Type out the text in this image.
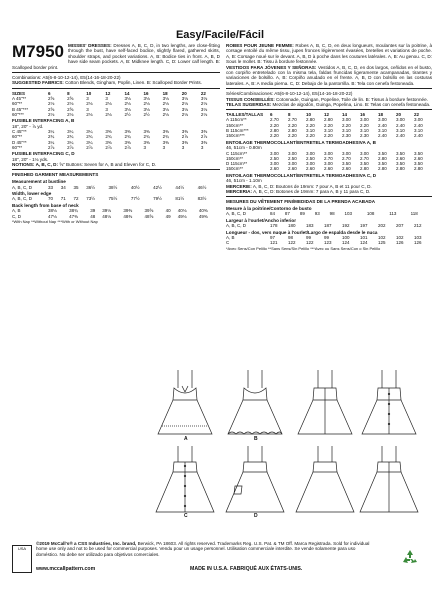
Easy/Facile/Fácil
M7950 MISSES' DRESSES: Dresses A, B, C, D, in two lengths, are close-fitting through the bust, have self-faced bodice, slightly flared, gathered skirts, shoulder straps, and pocket variations. A, B: Bodice ties in front. A, B, D have side seam pockets. A, B: Midknee length. C, D: Lower calf length. B: Scalloped border print.

Combinations: A5(6-8-10-12-14), E5(14-16-18-20-22)

SUGGESTED FABRICS: Cotton Blends, Gingham, Poplin, Linen. B: Scalloped Border Prints.

SIZES	6	8	10	12	14	16	18	20	22
A 45"**	2⅝	2⅝	3	3	3⅛	3⅛	3⅛	3⅛	3⅛
60"**	2⅛	2⅛	2⅛	2⅛	2⅛	2⅛	2⅛	2⅛	2⅛
B 45"***	2⅝	2⅝	3	3	3⅛	3⅛	3⅛	3⅛	3⅛
60"***	2⅛	2⅛	2⅛	2⅛	2½	2½	2⅛	2⅛	2⅛

FUSIBLE INTERFACING A, B

18", 20" - ⅞ yd.

C 45"**	3¼	3¼	3¼	3⅜	3⅜	3⅜	3⅜	3⅜	3⅜
60"**	2¾	2¾	2¾	2¾	2¾	2¾	2¾	2⅞	2⅞
D 45"**	3¼	3¼	3¼	3⅜	3⅜	3⅜	3⅜	3⅜	3⅜
60"**	2⅞	2⅞	2⅞	2⅞	2⅞	3	3	3	3

FUSIBLE INTERFACING C, D

18", 20" - 1⅛ yds.

NOTIONS: A, B, C, D: ⅝" Buttons: Seven for A, B and Eleven for C, D.

FINISHED GARMENT MEASUREMENTS

Measurement at bustline

A, B, C, D	33	34	35	36½	38½	40½	42½	44½	46½

Width, lower edge

A, B, C, D	70	71	72	73½	75½	77½	79½	81½	83½

Back length from base of neck

A, B	38⅛	38¾	39	39⅛	39⅜	39⅝	40	40⅛	40⅜
C, D	47⅛	47⅜	48	48⅛	48⅜	48⅝	49	49⅛	49⅜

*With Nap **Without Nap ***With or Without Nap

ROBES POUR JEUNE FEMME: Robes A, B, C, D, en deux longueurs, moulantes sur la poitrine, à corsage entoilé du même tissu, jupes fronces légèrement évasées, bretelles et variations de poche. A, B: Corsage noué sur le devant. A, B, D à poche dans les coutures latérales. A, B: Au genou. C, D: Sous le mollet. B: Tissu à bordure festonnée.

VESTIDOS PARA JÓVENES Y SEÑORAS: Vestidos A, B, C, D, en dos largos, ceñidos en el busto, con corpiño entretelado con la misma tela, faldas fruncidas ligeramente acampanadas, tirantes y variaciones de bolsillo. A, B: Corpiño anudado en el frente. A, B, D con bolsillo en las costuras laterales. A, B: A media pierna. C, D: Debajo de la pantorrilla. B: Tela con cenefa festoneada.

Séries/Combinaciones: A5(6-8-10-12-14), E5(14-16-18-20-22)

TISSUS CONSEILLÉS: Cotonnade, Guingan, Popeline, Toile de lin. B: Tissus à bordure festonnée.

TELAS SUGERIDAS: Mezclas de algodón, Guinga, Popelina, Lino. B: Telas con cenefa festoneada.

TAILLES/TALLAS	6	8	10	12	14	16	18	20	22
A 115cm**	2.70	2.70	2.80	2.80	3.00	3.00	3.00	3.00	3.00
150cm**	2.20	2.20	2.20	2.20	2.20	2.20	2.40	2.40	2.40
B 115cm***	2.80	2.80	3.10	3.10	3.10	3.10	3.10	3.10	3.10
150cm***	2.20	2.20	2.20	2.20	2.30	2.30	2.40	2.40	2.40

ENTOILAGE THERMOCOLLANT/ENTRETELA TERMOADHESIVA A, B

46, 51cm - 0.80m

C 115cm**	3.00	3.00	3.00	3.00	3.00	3.00	3.50	3.50	3.50
150cm**	2.50	2.50	2.50	2.70	2.70	2.70	2.80	2.60	2.60
D 115cm**	3.00	3.00	3.00	3.00	3.50	3.50	3.50	3.50	3.50
150cm**	2.60	2.60	2.60	2.60	2.60	2.80	2.80	2.80	2.80

ENTOILAGE THERMOCOLLANT/ENTRETELA TERMOADHESIVA C, D

46, 51cm - 1.10m

MERCERIE: A, B, C, D: Boutons de 19mm: 7 pour A, B et 11 pour C, D.

MERCERIA: A, B, C, D: Botones de 19mm: 7 para A, B y 11 para C, D.

MESURES DU VÊTEMENT FINI/MEDIDAS DE LA PRENDA ACABADA

Mesure à la poitrine/Contorno de busto

A, B, C, D	84	87	89	93	98	103	108	113	118

Largeur à l'ourlet/Ancho inferior

A, B, C, D	178	180	183	187	192	197	202	207	212

Longueur - dos, vers nuque à l'ourlet/Largo de espalda desde le nuca

A, B	97	98	99	99	100	101	102	102	103
C	121	122	122	123	124	124	125	126	126

*Avec Sens/Con Pelillo **Sans Sens/Sin Pelillo ***Avec ou Sans Sens/Con o Sin Pelillo

A	B
C	D
USA
©2019 McCall's® a CSS Industries, Inc. brand, Berwick, PA 18603. All rights reserved. Trademarks Reg. U.S. Pat. & TM Off. Marca Registrada. Sold for individual home use only and not to be used for commercial purposes. Vendu pour un usage personnel. Utilisation commerciale interdite. Se vende solamente para uso doméstico. No debe ser utilizado para objetivos comerciales.
www.mccallpattern.com	MADE IN U.S.A. FABRIQUÉ AUX ÉTATS-UNIS.
